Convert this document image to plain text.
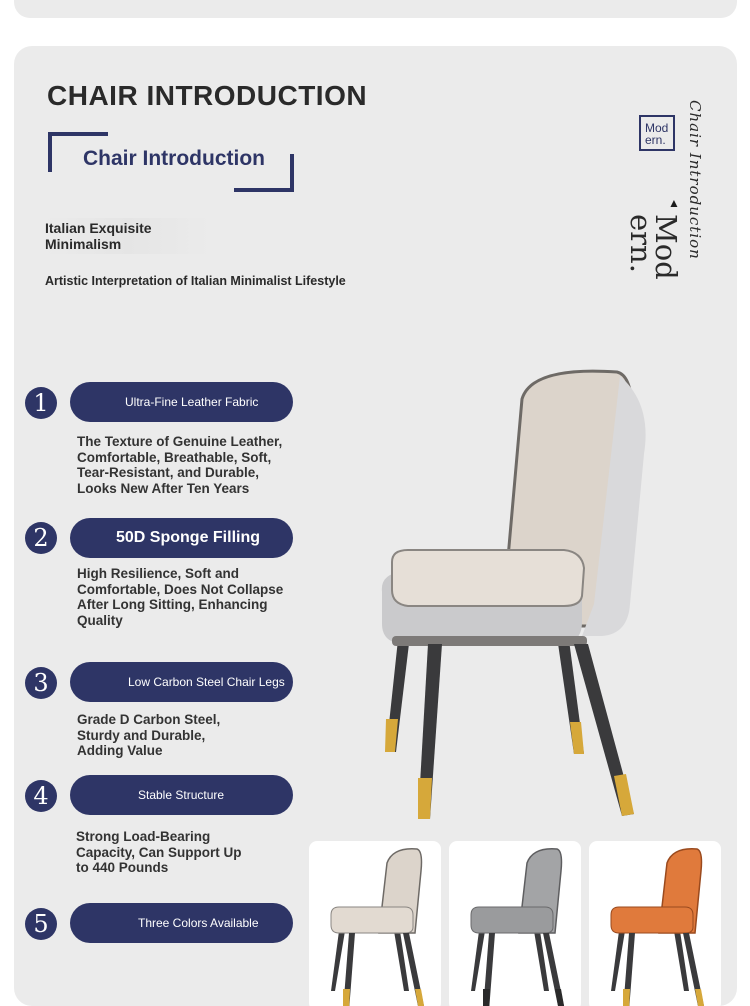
CHAIR INTRODUCTION
Chair Introduction
Italian Exquisite Minimalism
Artistic Interpretation of Italian Minimalist Lifestyle
Mod
ern.	Chair Introduction
▲
Mod
ern.
1	Ultra-Fine Leather Fabric
The Texture of Genuine Leather, Comfortable, Breathable, Soft, Tear-Resistant, and Durable, Looks New After Ten Years
2	50D Sponge Filling
High Resilience, Soft and Comfortable, Does Not Collapse After Long Sitting, Enhancing Quality
3	Low Carbon Steel Chair Legs
Grade D Carbon Steel, Sturdy and Durable, Adding Value
4	Stable Structure
Strong Load-Bearing Capacity, Can Support Up to 440 Pounds
5	Three Colors Available
